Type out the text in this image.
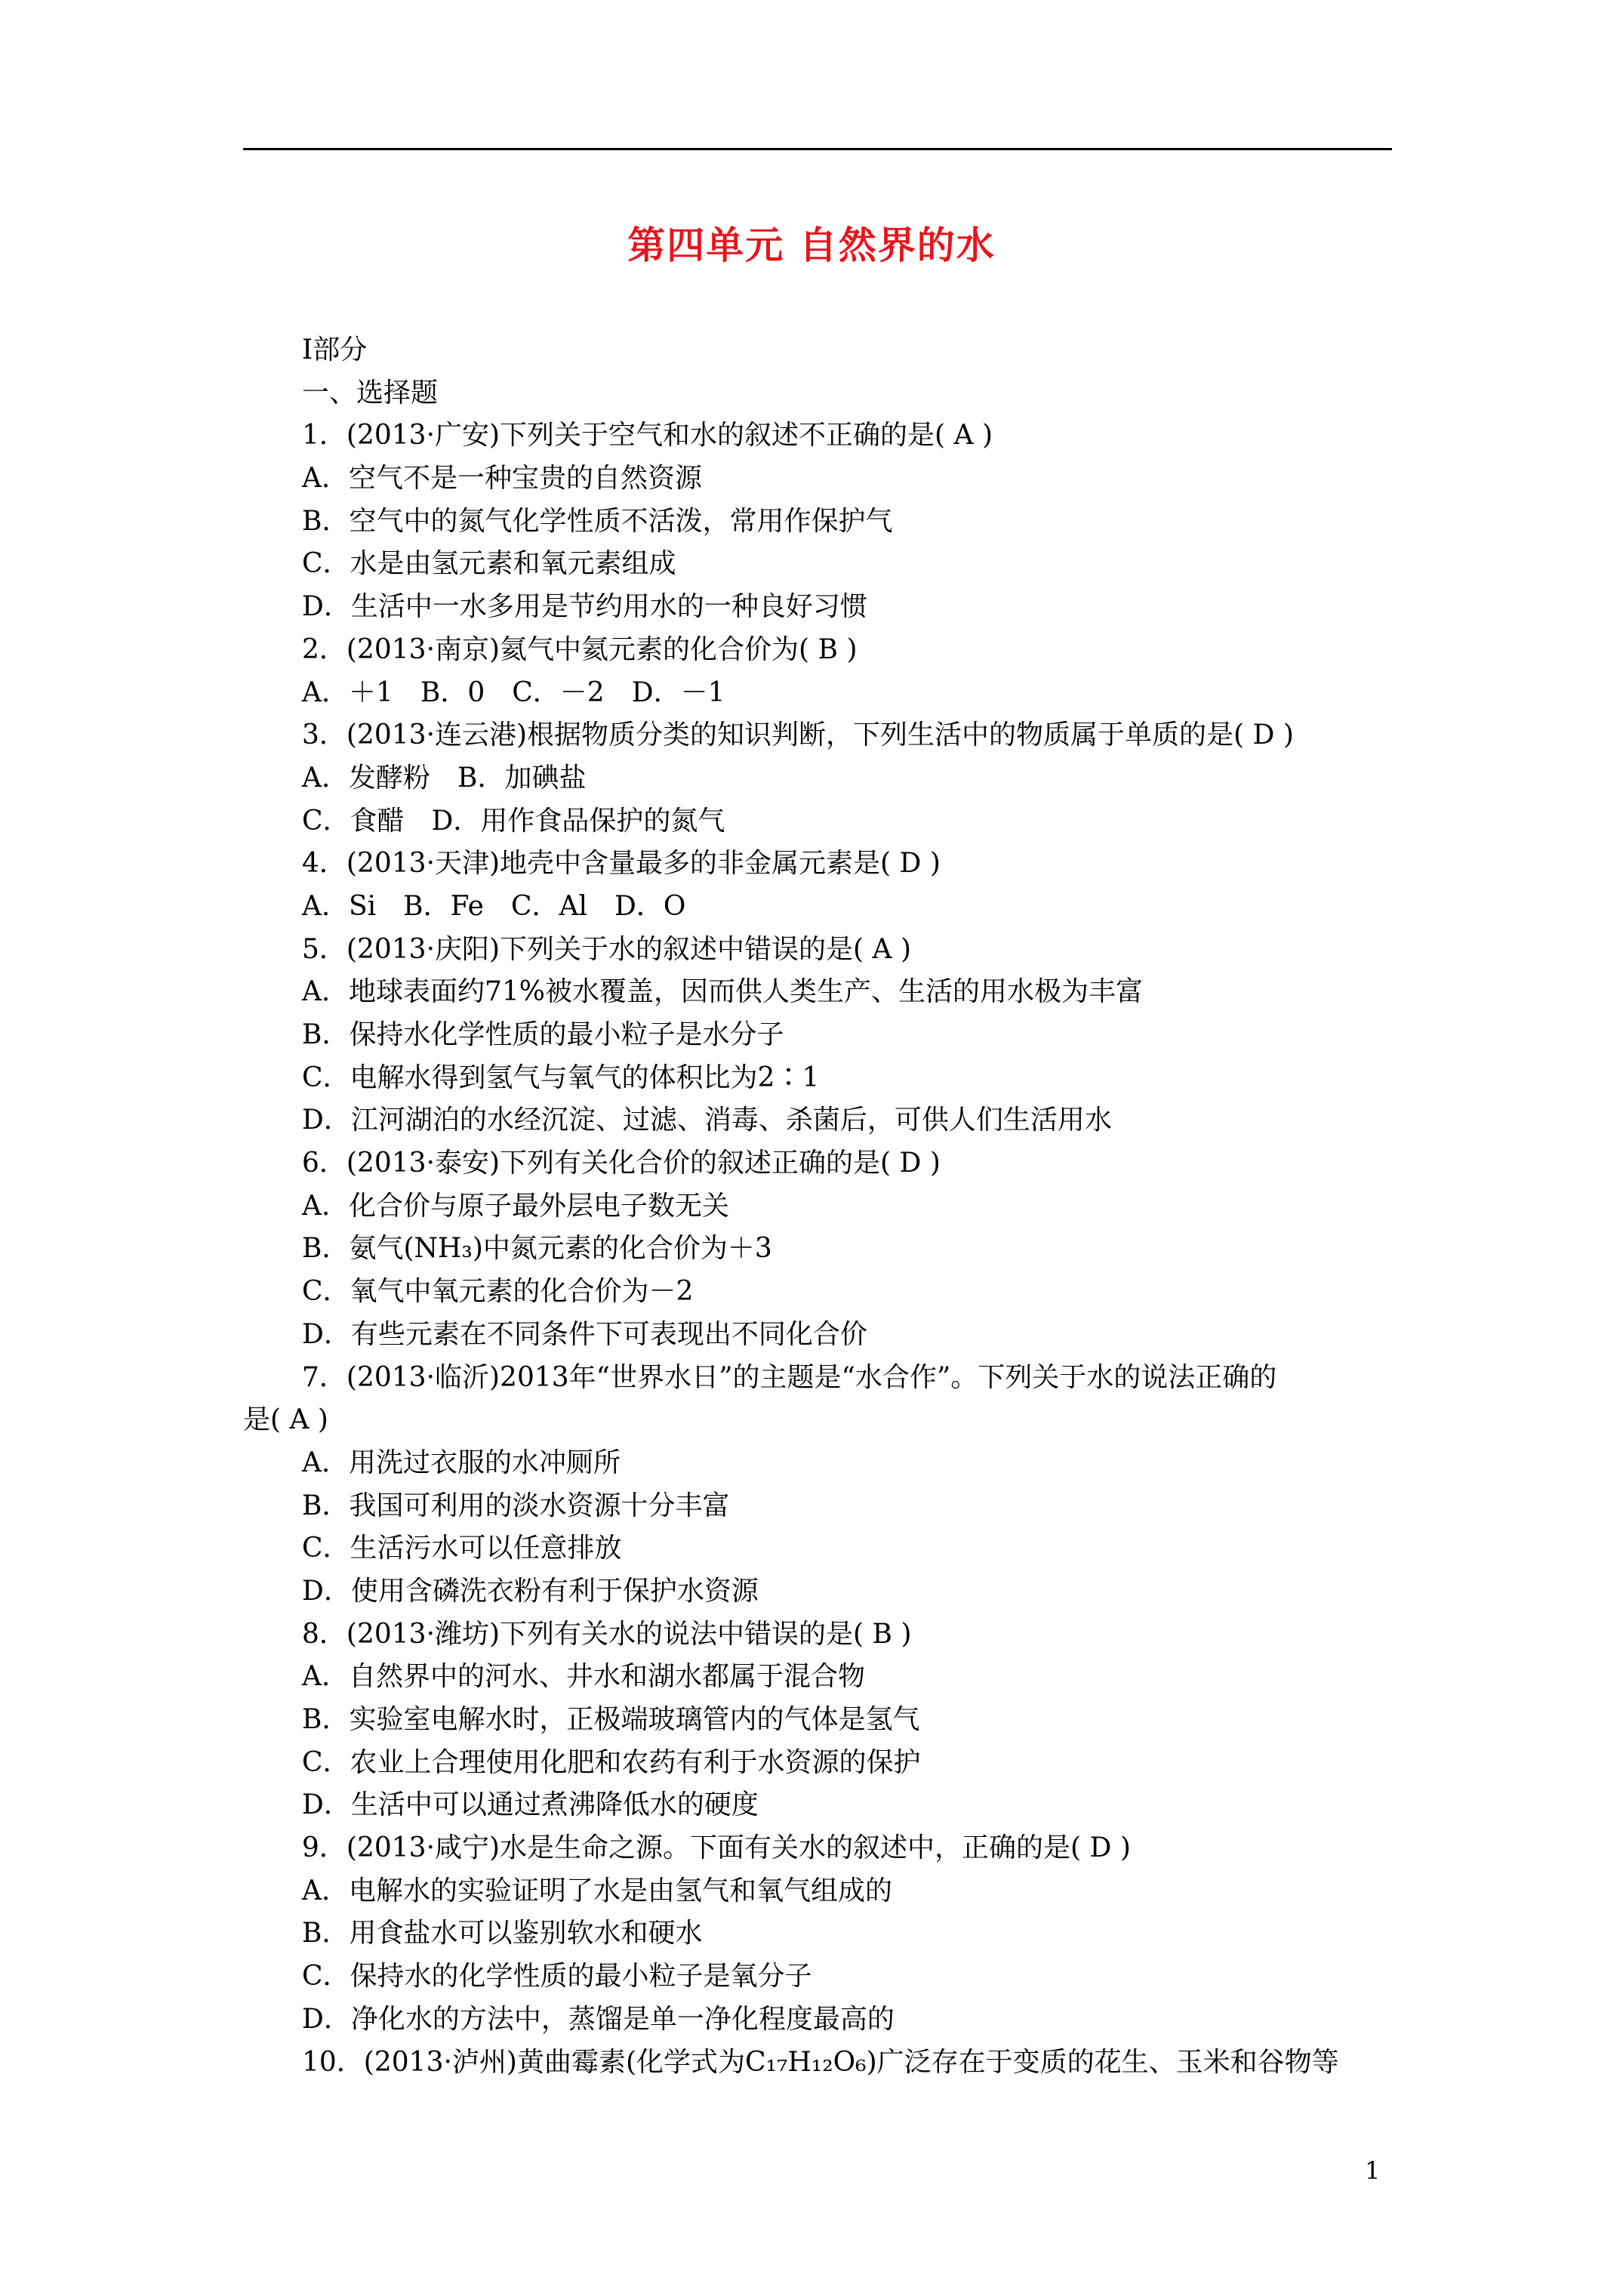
第四单元 自然界的水
Ⅰ部分
一、选择题
1．(2013·广安)下列关于空气和水的叙述不正确的是( A )
A．空气不是一种宝贵的自然资源
B．空气中的氮气化学性质不活泼，常用作保护气
C．水是由氢元素和氧元素组成
D．生活中一水多用是节约用水的一种良好习惯
2．(2013·南京)氦气中氦元素的化合价为( B )
A．＋1　B．0　C．－2　D．－1
3．(2013·连云港)根据物质分类的知识判断，下列生活中的物质属于单质的是( D )
A．发酵粉　B．加碘盐
C．食醋　D．用作食品保护的氮气
4．(2013·天津)地壳中含量最多的非金属元素是( D )
A．Si　B．Fe　C．Al　D．O
5．(2013·庆阳)下列关于水的叙述中错误的是( A )
A．地球表面约71%被水覆盖，因而供人类生产、生活的用水极为丰富
B．保持水化学性质的最小粒子是水分子
C．电解水得到氢气与氧气的体积比为2∶1
D．江河湖泊的水经沉淀、过滤、消毒、杀菌后，可供人们生活用水
6．(2013·泰安)下列有关化合价的叙述正确的是( D )
A．化合价与原子最外层电子数无关
B．氨气(NH₃)中氮元素的化合价为＋3
C．氧气中氧元素的化合价为－2
D．有些元素在不同条件下可表现出不同化合价
7．(2013·临沂)2013年“世界水日”的主题是“水合作”。下列关于水的说法正确的
是( A )
A．用洗过衣服的水冲厕所
B．我国可利用的淡水资源十分丰富
C．生活污水可以任意排放
D．使用含磷洗衣粉有利于保护水资源
8．(2013·潍坊)下列有关水的说法中错误的是( B )
A．自然界中的河水、井水和湖水都属于混合物
B．实验室电解水时，正极端玻璃管内的气体是氢气
C．农业上合理使用化肥和农药有利于水资源的保护
D．生活中可以通过煮沸降低水的硬度
9．(2013·咸宁)水是生命之源。下面有关水的叙述中，正确的是( D )
A．电解水的实验证明了水是由氢气和氧气组成的
B．用食盐水可以鉴别软水和硬水
C．保持水的化学性质的最小粒子是氧分子
D．净化水的方法中，蒸馏是单一净化程度最高的
10．(2013·泸州)黄曲霉素(化学式为C₁₇H₁₂O₆)广泛存在于变质的花生、玉米和谷物等
1
